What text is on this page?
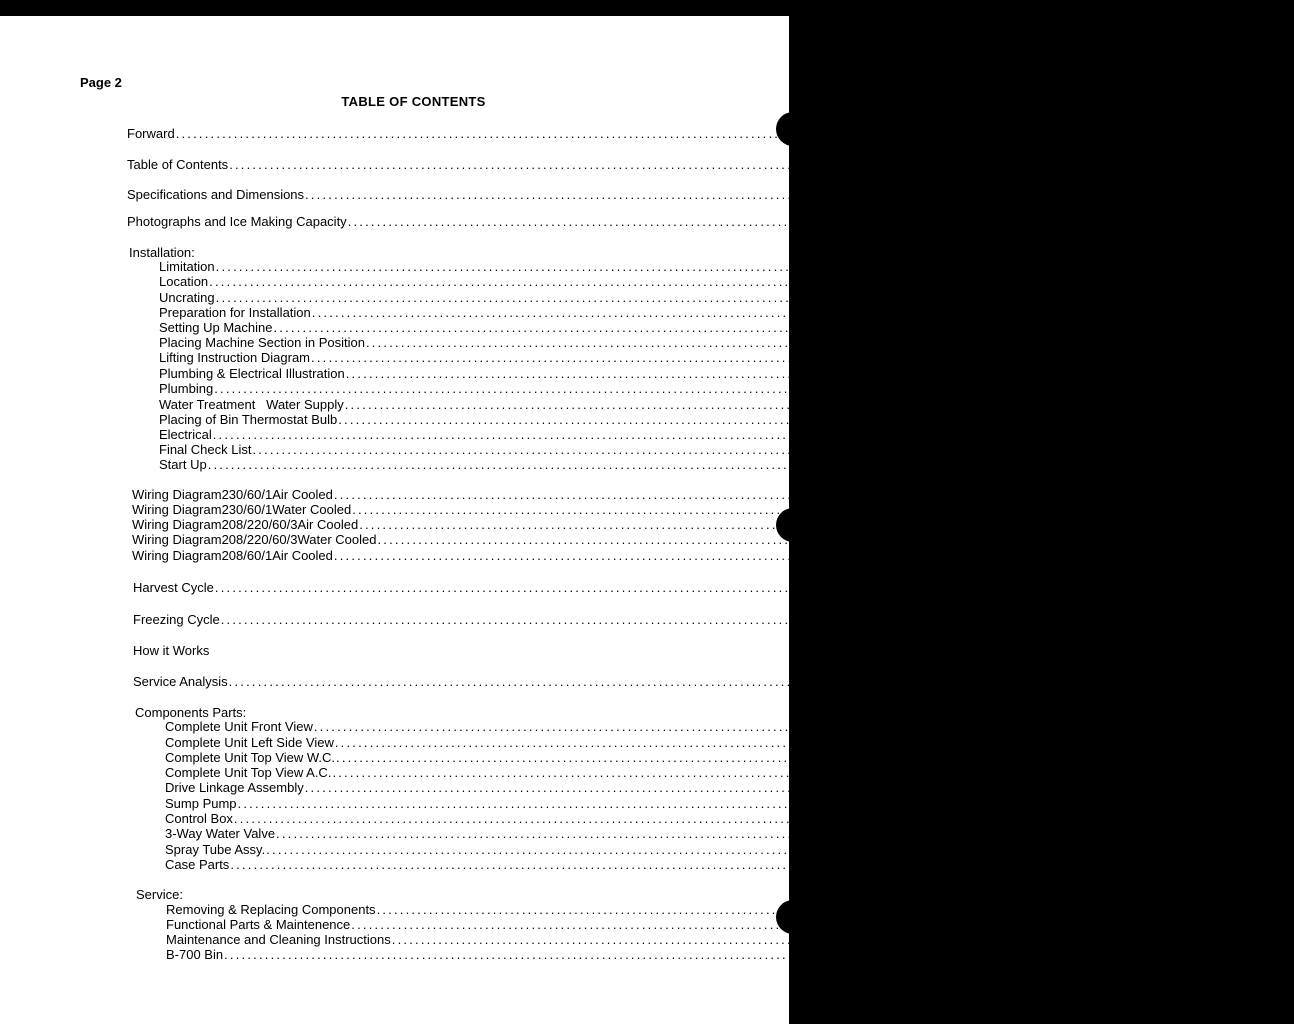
Page 2
TABLE OF CONTENTS
Forward ........................................................................................................................................................ 1
Table of Contents ........................................................................................................................................................ 2
Specifications and Dimensions ........................................................................................................................................................ 3&5
Photographs and Ice Making Capacity ........................................................................................................................................................ 4
Installation:
Limitation ........................................................................................................................................................ 6
Location ........................................................................................................................................................ 7
Uncrating ........................................................................................................................................................ 7
Preparation for Installation ........................................................................................................................................................ 8
Setting Up Machine ........................................................................................................................................................ 8
Placing Machine Section in Position ........................................................................................................................................................ 8
Lifting Instruction Diagram ........................................................................................................................................................ 9
Plumbing & Electrical Illustration ........................................................................................................................................................ 10
Plumbing ........................................................................................................................................................ 11
Water Treatment   Water Supply ........................................................................................................................................................ 11
Placing of Bin Thermostat Bulb ........................................................................................................................................................ 12
Electrical ........................................................................................................................................................ 12
Final Check List ........................................................................................................................................................ 13
Start Up ........................................................................................................................................................ 14
Wiring Diagram 230/60/1 Air Cooled ........................................................................................................................................................ 15
Wiring Diagram 230/60/1 Water Cooled ........................................................................................................................................................ 16
Wiring Diagram 208/220/60/3 Air Cooled ........................................................................................................................................................ 17
Wiring Diagram 208/220/60/3 Water Cooled ........................................................................................................................................................ 18
Wiring Diagram 208/60/1 Air Cooled ........................................................................................................................................................ 19
Harvest Cycle ........................................................................................................................................................ 21-22
Freezing Cycle ........................................................................................................................................................ 23-24
How it Works
Service Analysis ........................................................................................................................................................ 25-28
Components Parts:
Complete Unit Front View ........................................................................................................................................................ 29
Complete Unit Left Side View ........................................................................................................................................................ 30
Complete Unit Top View W.C. ........................................................................................................................................................ 31
Complete Unit Top View A.C. ........................................................................................................................................................ 32
Drive Linkage Assembly ........................................................................................................................................................ 33
Sump Pump ........................................................................................................................................................ 34
Control Box ........................................................................................................................................................ 35
3-Way Water Valve ........................................................................................................................................................ 36
Spray Tube Assy. ........................................................................................................................................................ 37
Case Parts ........................................................................................................................................................ 38
Service:
Removing & Replacing Components ........................................................................................................................................................ 39-40
Functional Parts & Maintenence ........................................................................................................................................................ 41-44
Maintenance and Cleaning Instructions ........................................................................................................................................................ 45
B-700 Bin ........................................................................................................................................................ 46
